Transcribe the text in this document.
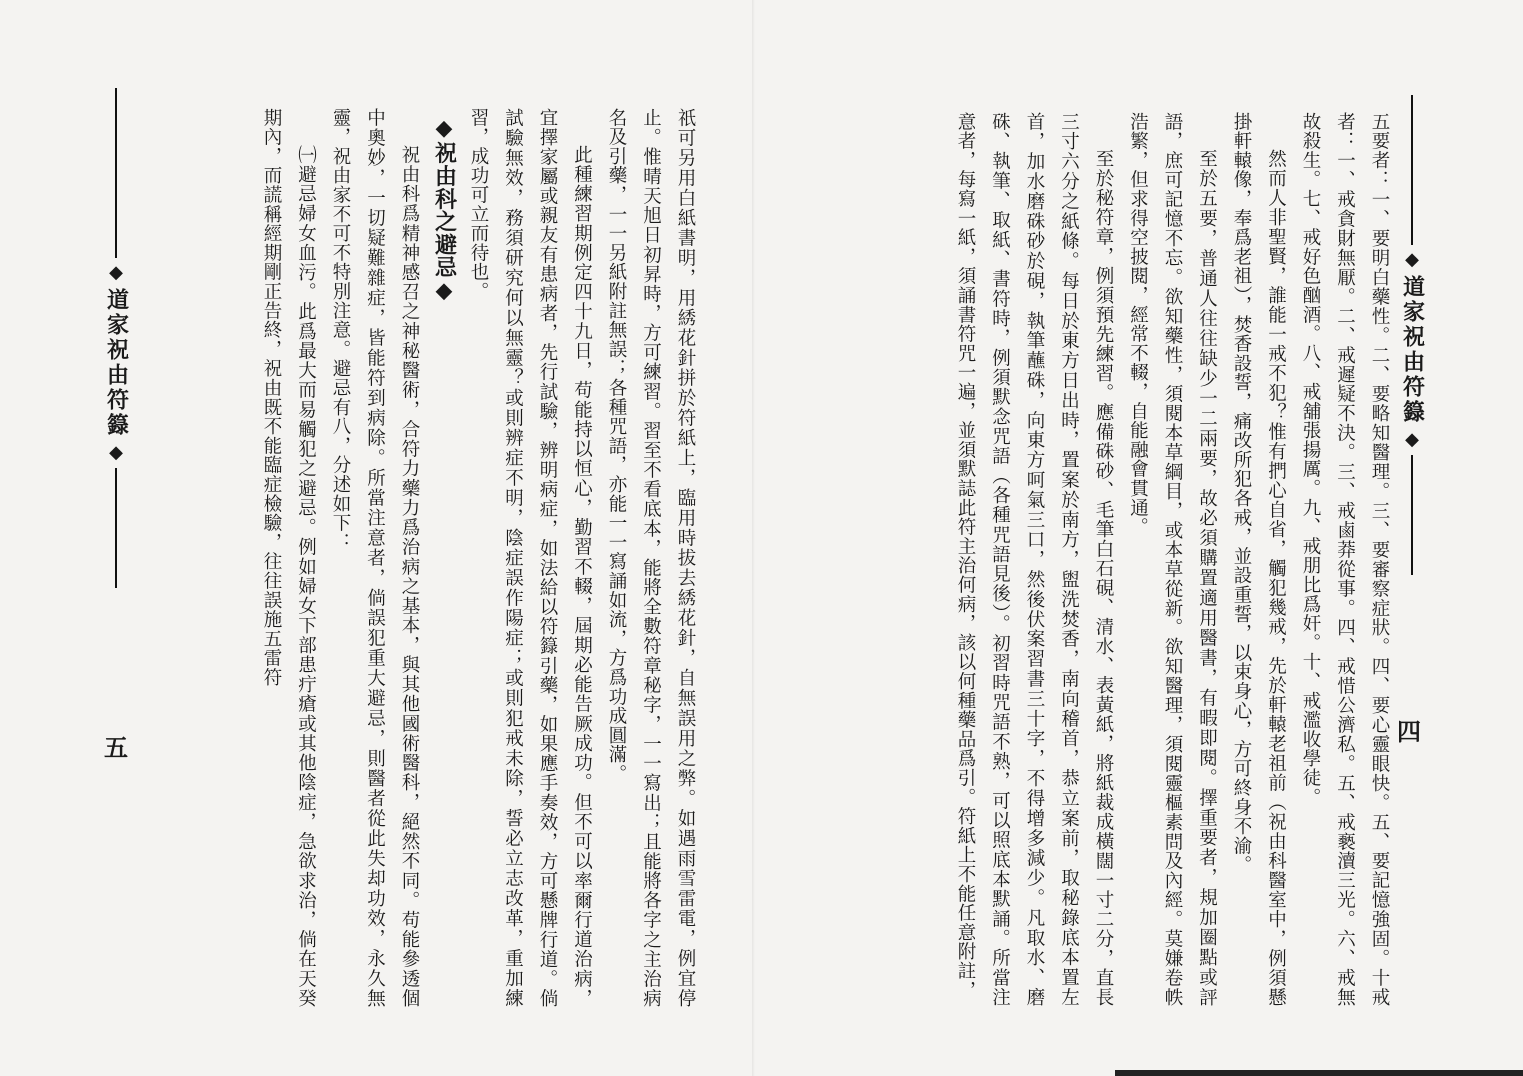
◆
道家祝由符籙
◆
四

五要者：一、要明白藥性。二、要略知醫理。三、要審察症狀。四、要心靈眼快。五、要記憶強固。十戒者：一、戒貪財無厭。二、戒遲疑不決。三、戒鹵莽從事。四、戒惜公濟私。五、戒褻瀆三光。六、戒無故殺生。七、戒好色酗酒。八、戒舖張揚厲。九、戒朋比爲奸。十、戒濫收學徒。

然而人非聖賢，誰能一戒不犯？惟有捫心自省，觸犯幾戒，先於軒轅老祖前（祝由科醫室中，例須懸掛軒轅像，奉爲老祖），焚香設誓，痛改所犯各戒，並設重誓，以束身心，方可終身不渝。

至於五要，普通人往往缺少一二兩要，故必須購置適用醫書，有暇即閱。擇重要者，規加圈點或評語，庶可記憶不忘。欲知藥性，須閱本草綱目，或本草從新。欲知醫理，須閱靈樞素問及內經。莫嫌卷帙浩繁，但求得空披閱，經常不輟，自能融會貫通。

至於秘符章，例須預先練習。應備硃砂、毛筆白石硯、清水、表黃紙，將紙裁成橫闊一寸二分，直長三寸六分之紙條。每日於東方日出時，置案於南方，盥洗焚香，南向稽首，恭立案前，取秘錄底本置左首，加水磨硃砂於硯，執筆蘸硃，向東方呵氣三口，然後伏案習書三十字，不得增多減少。凡取水、磨硃、執筆、取紙、書符時，例須默念咒語（各種咒語見後）。初習時咒語不熟，可以照底本默誦。所當注意者，每寫一紙，須誦書符咒一遍，並須默誌此符主治何病，該以何種藥品爲引。符紙上不能任意附註，

◆
道家祝由符籙
◆
五	祇可另用白紙書明，用綉花針拼於符紙上，臨用時拔去綉花針，自無誤用之弊。如遇雨雪雷電，例宜停止。惟晴天旭日初昇時，方可練習。習至不看底本，能將全數符章秘字，一一寫出；且能將各字之主治病名及引藥，一一另紙附註無誤；各種咒語，亦能一一寫誦如流，方爲功成圓滿。

此種練習期例定四十九日，苟能持以恒心，勤習不輟，屆期必能告厥成功。但不可以率爾行道治病，宜擇家屬或親友有患病者，先行試驗，辨明病症，如法給以符籙引藥，如果應手奏效，方可懸牌行道。倘試驗無效，務須研究何以無靈？或則辨症不明，陰症誤作陽症；或則犯戒未除，誓必立志改革，重加練習，成功可立而待也。

◆祝由科之避忌◆

祝由科爲精神感召之神秘醫術，合符力藥力爲治病之基本，與其他國術醫科，絕然不同。苟能參透個中奧妙，一切疑難雜症，皆能符到病除。所當注意者，倘誤犯重大避忌，則醫者從此失却功效，永久無靈，祝由家不可不特別注意。避忌有八，分述如下：

㈠避忌婦女血污。此爲最大而易觸犯之避忌。例如婦女下部患疔瘡或其他陰症，急欲求治，倘在天癸期內，而謊稱經期剛正告終，祝由既不能臨症檢驗，往往誤施五雷符
